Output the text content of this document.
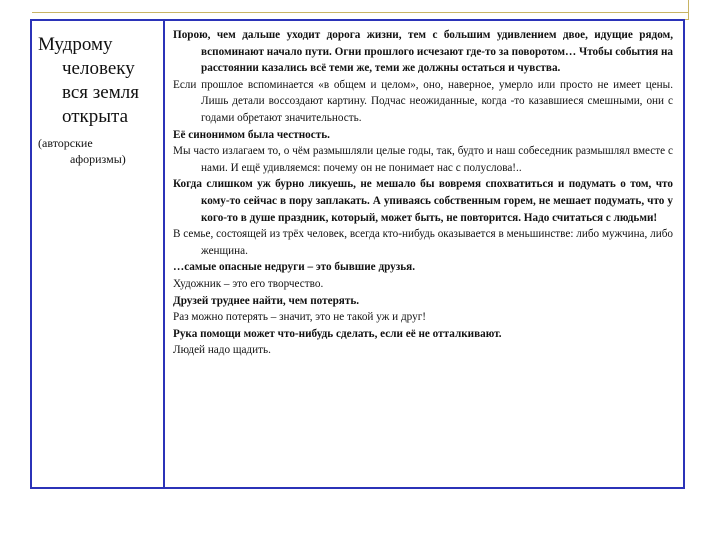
Мудрому
человеку
вся земля
открыта
(авторские
афоризмы)

Порою, чем дальше уходит дорога жизни, тем с большим удивлением двое, идущие рядом, вспоминают начало пути. Огни прошлого исчезают где-то за поворотом… Чтобы события на расстоянии казались всё теми же, теми же должны остаться и чувства.

Если прошлое вспоминается «в общем и целом», оно, наверное, умерло или просто не имеет цены. Лишь детали воссоздают картину. Подчас неожиданные, когда -то казавшиеся смешными, они с годами обретают значительность.

Её синонимом была честность.

Мы часто излагаем то, о чём размышляли целые годы, так, будто и наш собеседник размышлял вместе с нами. И ещё удивляемся: почему он не понимает нас с полуслова!..

Когда слишком уж бурно ликуешь, не мешало бы вовремя спохватиться и подумать о том, что кому-то сейчас в пору заплакать. А упиваясь собственным горем, не мешает подумать, что у кого-то в душе праздник, который, может быть, не повторится. Надо считаться с людьми!

В семье, состоящей из трёх человек, всегда кто-нибудь оказывается в меньшинстве: либо мужчина, либо женщина.

…самые опасные недруги – это бывшие друзья.

Художник – это его творчество.

Друзей труднее найти, чем потерять.

Раз можно потерять – значит, это не такой уж и друг!

Рука помощи может что-нибудь сделать, если её не отталкивают.

Людей надо щадить.
